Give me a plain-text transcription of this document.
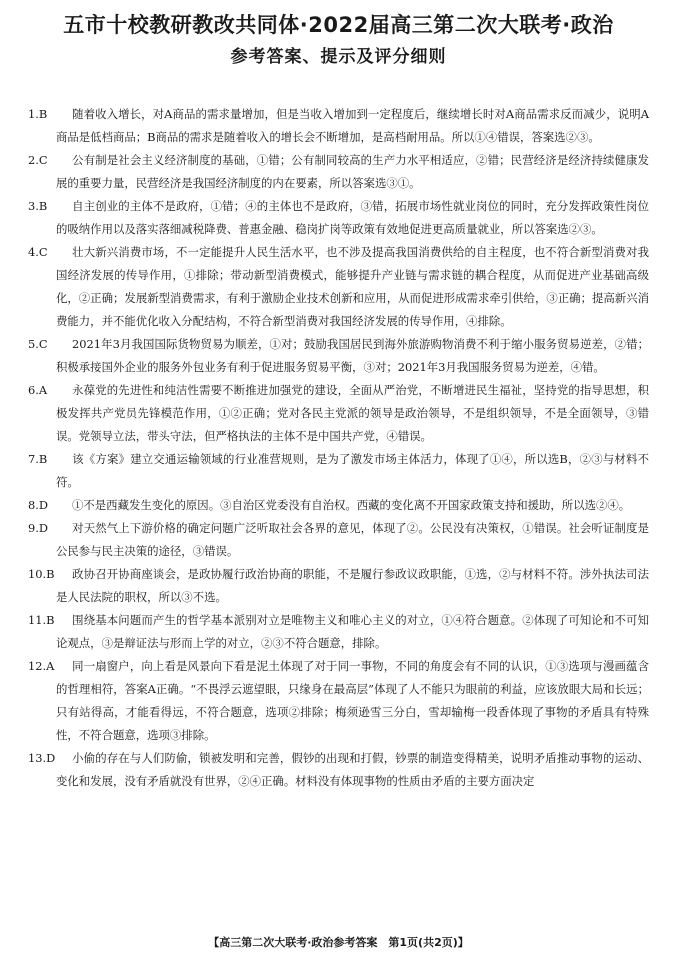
五市十校教研教改共同体·2022届高三第二次大联考·政治
参考答案、提示及评分细则
1.B 随着收入增长，对A商品的需求量增加，但是当收入增加到一定程度后，继续增长时对A商品需求反而减少，说明A商品是低档商品；B商品的需求是随着收入的增长会不断增加，是高档耐用品。所以①④错误，答案选②③。
2.C 公有制是社会主义经济制度的基础，①错；公有制同较高的生产力水平相适应，②错；民营经济是经济持续健康发展的重要力量，民营经济是我国经济制度的内在要素，所以答案选③①。
3.B 自主创业的主体不是政府，①错；④的主体也不是政府，③错，拓展市场性就业岗位的同时，充分发挥政策性岗位的吸纳作用以及落实落细减税降费、普惠金融、稳岗扩岗等政策有效地促进更高质量就业，所以答案选②③。
4.C 壮大新兴消费市场，不一定能提升人民生活水平，也不涉及提高我国消费供给的自主程度，也不符合新型消费对我国经济发展的传导作用，①排除；带动新型消费模式，能够提升产业链与需求链的耦合程度，从而促进产业基础高级化，②正确；发展新型消费需求，有利于激励企业技术创新和应用，从而促进形成需求牵引供给，③正确；提高新兴消费能力，并不能优化收入分配结构，不符合新型消费对我国经济发展的传导作用，④排除。
5.C 2021年3月我国国际货物贸易为顺差，①对；鼓励我国居民到海外旅游购物消费不利于缩小服务贸易逆差，②错；积极承接国外企业的服务外包业务有利于促进服务贸易平衡，③对；2021年3月我国服务贸易为逆差，④错。
6.A 永葆党的先进性和纯洁性需要不断推进加强党的建设，全面从严治党，不断增进民生福祉，坚持党的指导思想，积极发挥共产党员先锋模范作用，①②正确；党对各民主党派的领导是政治领导，不是组织领导，不是全面领导，③错误。党领导立法，带头守法，但严格执法的主体不是中国共产党，④错误。
7.B 该《方案》建立交通运输领域的行业准营规则，是为了激发市场主体活力，体现了①④，所以选B，②③与材料不符。
8.D ①不是西藏发生变化的原因。③自治区党委没有自治权。西藏的变化离不开国家政策支持和援助，所以选②④。
9.D 对天然气上下游价格的确定问题广泛听取社会各界的意见，体现了②。公民没有决策权，①错误。社会听证制度是公民参与民主决策的途径，③错误。
10.B 政协召开协商座谈会，是政协履行政治协商的职能，不是履行参政议政职能，①选，②与材料不符。涉外执法司法是人民法院的职权，所以③不选。
11.B 围绕基本问题而产生的哲学基本派别对立是唯物主义和唯心主义的对立，①④符合题意。②体现了可知论和不可知论观点，③是辩证法与形而上学的对立，②③不符合题意，排除。
12.A 同一扇窗户，向上看是风景向下看是泥土体现了对于同一事物，不同的角度会有不同的认识，①③选项与漫画蕴含的哲理相符，答案A正确。“不畏浮云遮望眼，只缘身在最高层”体现了人不能只为眼前的利益，应该放眼大局和长远；只有站得高，才能看得远，不符合题意，选项②排除；梅须逊雪三分白，雪却输梅一段香体现了事物的矛盾具有特殊性，不符合题意，选项③排除。
13.D 小偷的存在与人们防偷，锁被发明和完善，假钞的出现和打假，钞票的制造变得精美，说明矛盾推动事物的运动、变化和发展，没有矛盾就没有世界，②④正确。材料没有体现事物的性质由矛盾的主要方面决定
【高三第二次大联考·政治参考答案　第1页(共2页)】
